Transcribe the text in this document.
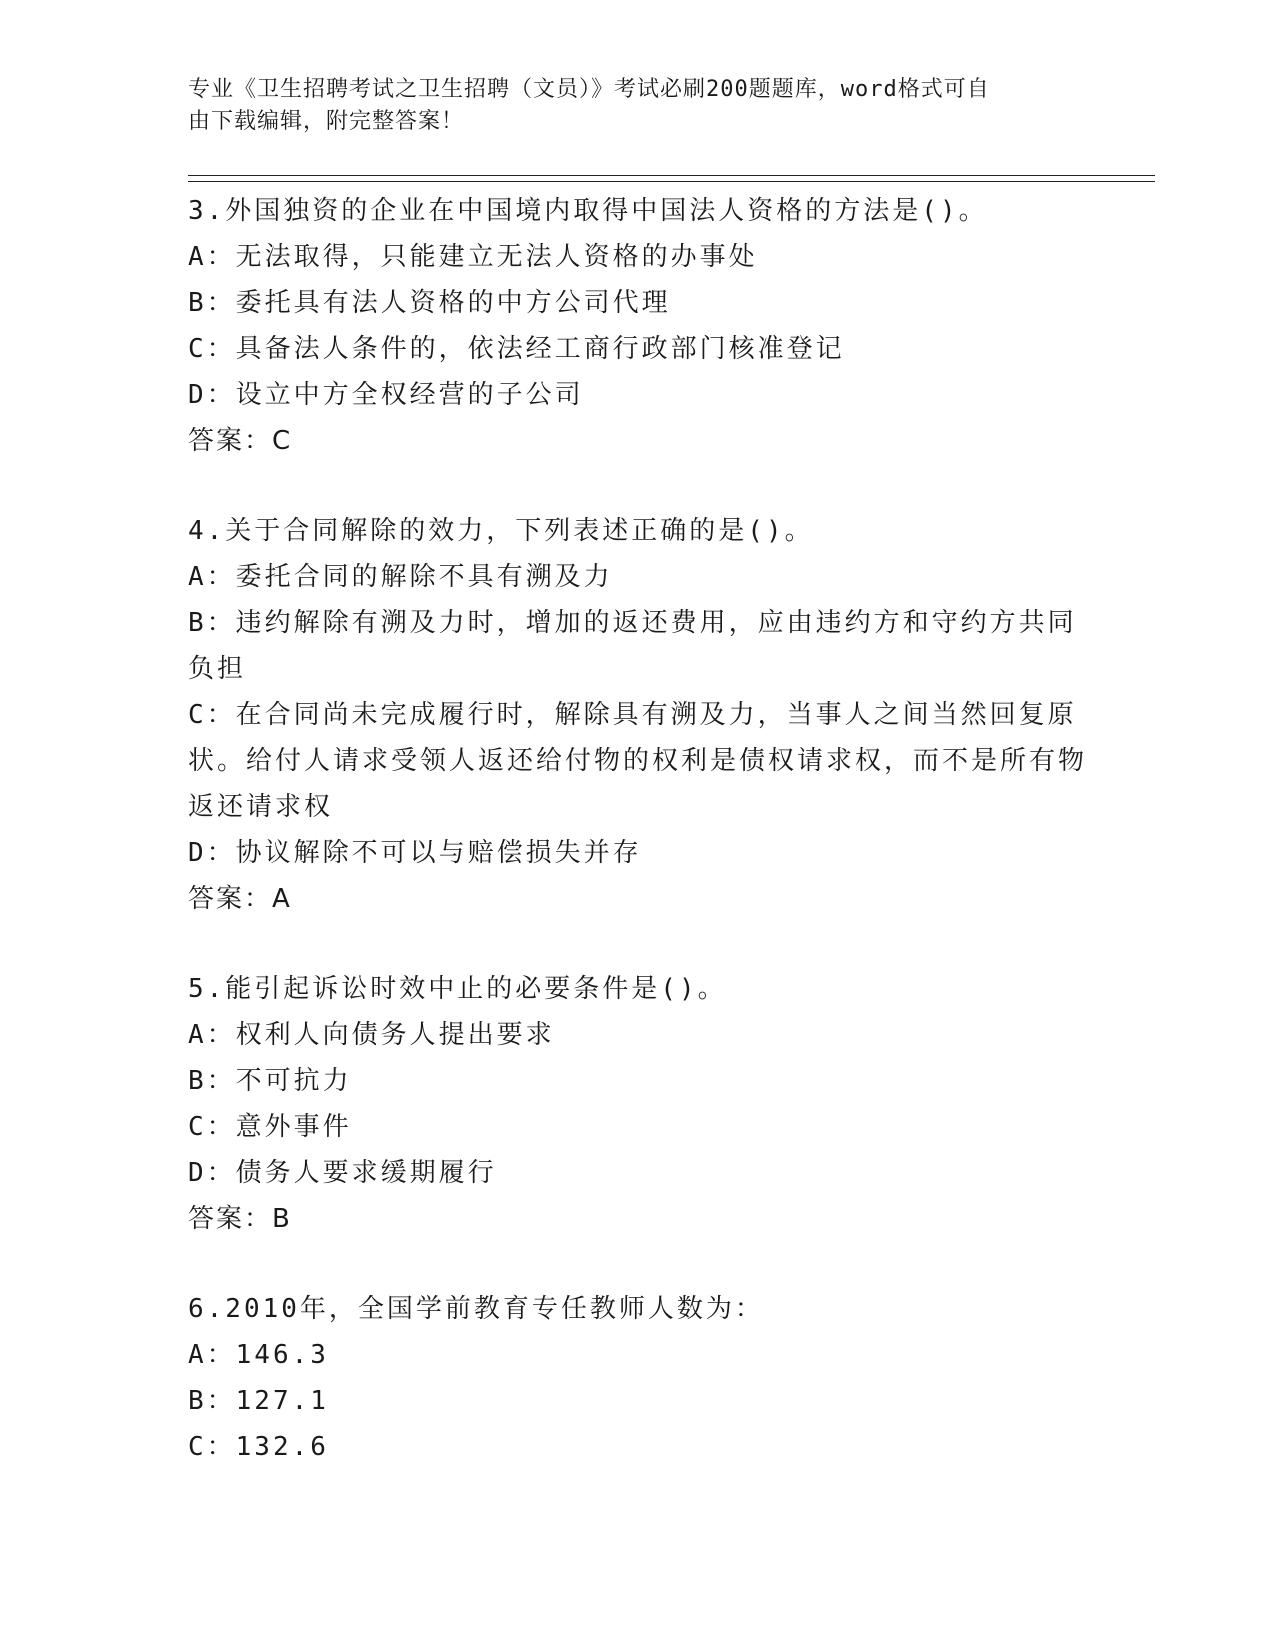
专业《卫生招聘考试之卫生招聘（文员）》考试必刷200题题库，word格式可自
由下载编辑，附完整答案！
3.外国独资的企业在中国境内取得中国法人资格的方法是()。
A：无法取得，只能建立无法人资格的办事处
B：委托具有法人资格的中方公司代理
C：具备法人条件的，依法经工商行政部门核准登记
D：设立中方全权经营的子公司
答案：C
4.关于合同解除的效力，下列表述正确的是()。
A：委托合同的解除不具有溯及力
B：违约解除有溯及力时，增加的返还费用，应由违约方和守约方共同负担
C：在合同尚未完成履行时，解除具有溯及力，当事人之间当然回复原状。给付人请求受领人返还给付物的权利是债权请求权，而不是所有物返还请求权
D：协议解除不可以与赔偿损失并存
答案：A
5.能引起诉讼时效中止的必要条件是()。
A：权利人向债务人提出要求
B：不可抗力
C：意外事件
D：债务人要求缓期履行
答案：B
6.2010年，全国学前教育专任教师人数为：
A：146.3
B：127.1
C：132.6
